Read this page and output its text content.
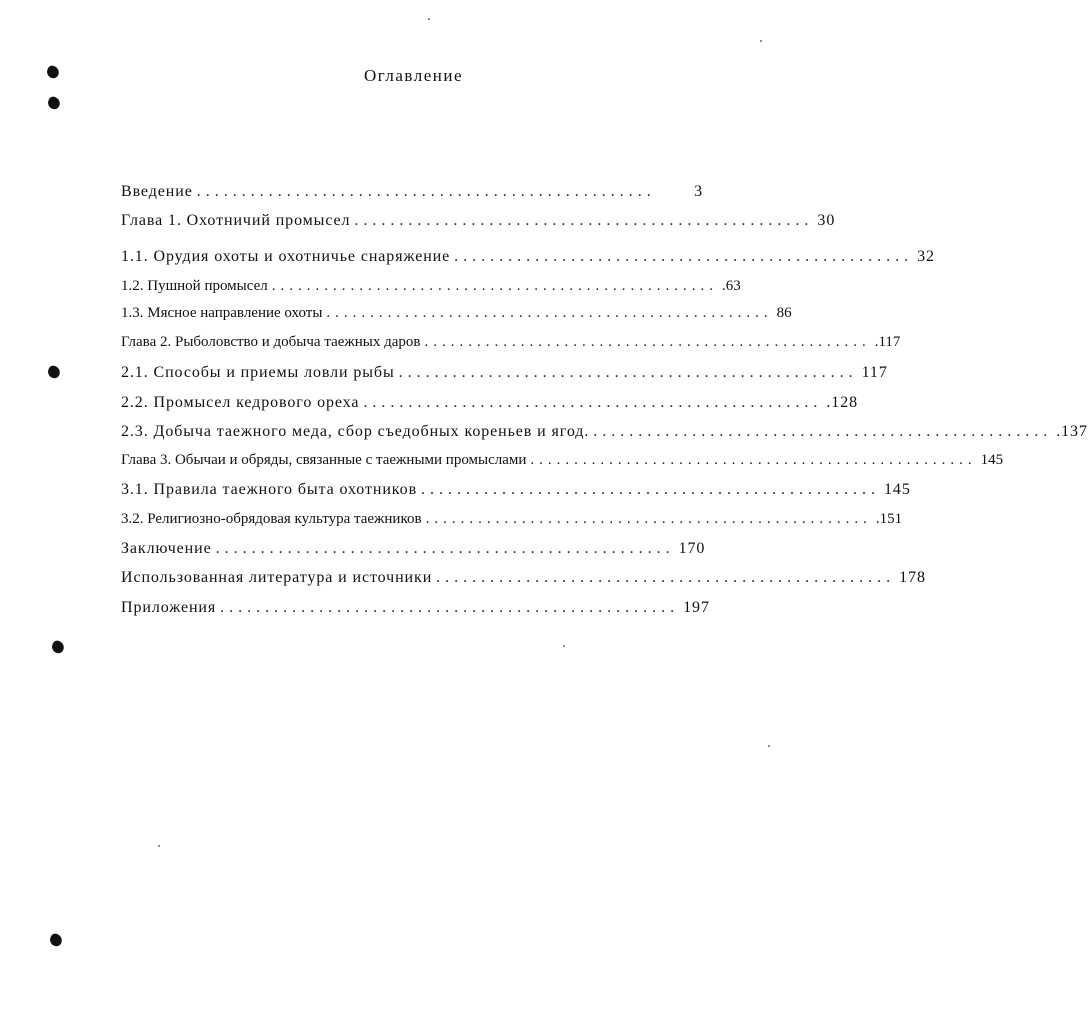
Оглавление
Введение ...................................................	3
Глава 1. Охотничий промысел ................................................... 30
1.1. Орудия охоты и охотничье снаряжение ................................................... 32
1.2. Пушной промысел ................................................... .63
1.3. Мясное направление охоты ................................................... 86
Глава 2. Рыболовство и добыча таежных даров ................................................... .117
2.1. Способы и приемы ловли рыбы ................................................... 117
2.2. Промысел кедрового ореха ................................................... .128
2.3. Добыча таежного меда, сбор съедобных кореньев и ягод. ................................................... .137
Глава 3. Обычаи и обряды, связанные с таежными промыслами ................................................... 145
3.1. Правила таежного быта охотников ................................................... 145
3.2. Религиозно-обрядовая культура таежников ................................................... .151
Заключение ................................................... 170
Использованная литература и источники ................................................... 178
Приложения ................................................... 197
